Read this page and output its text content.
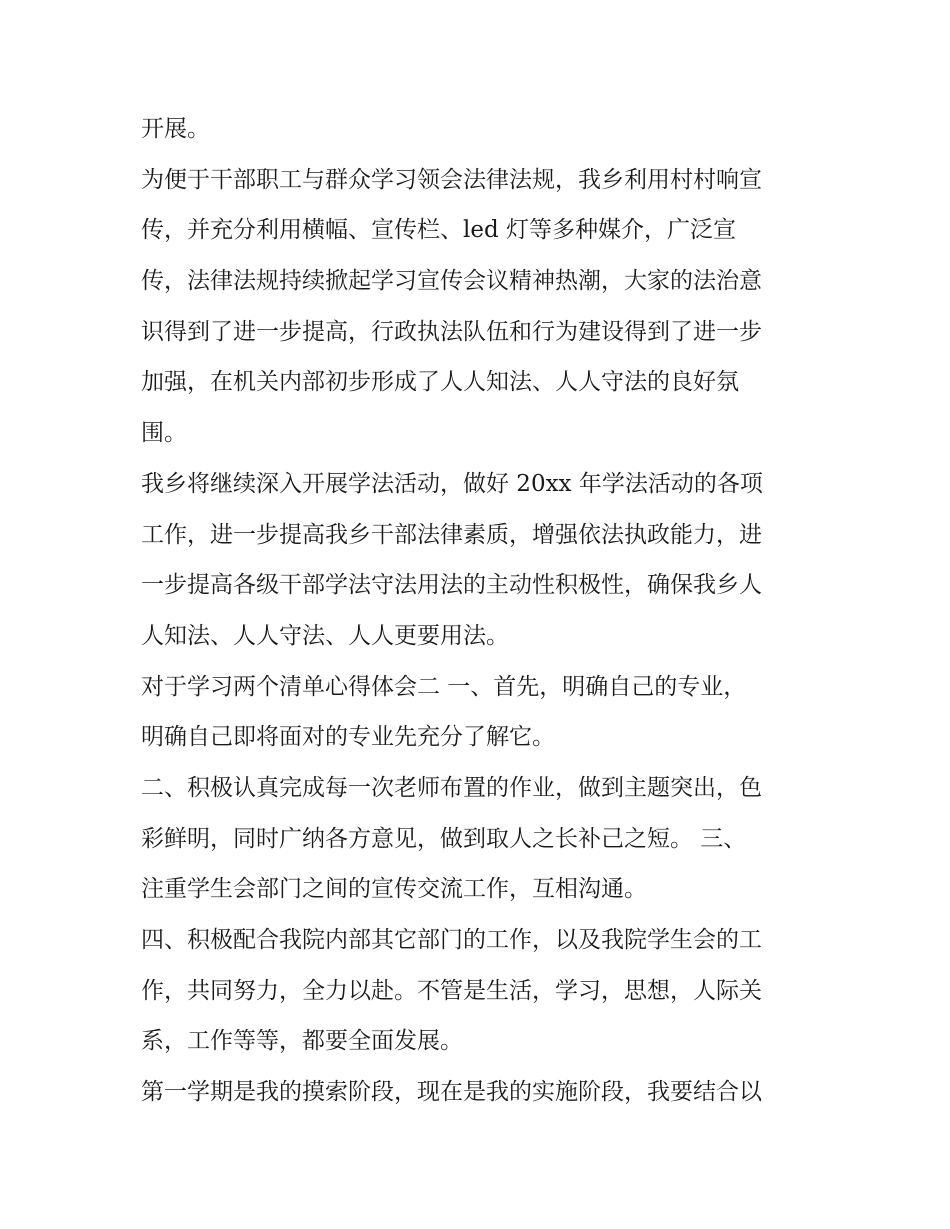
开展。
为便于干部职工与群众学习领会法律法规，我乡利用村村响宣
传，并充分利用横幅、宣传栏、led 灯等多种媒介，广泛宣
传，法律法规持续掀起学习宣传会议精神热潮，大家的法治意
识得到了进一步提高，行政执法队伍和行为建设得到了进一步
加强，在机关内部初步形成了人人知法、人人守法的良好氛
围。
我乡将继续深入开展学法活动，做好 20xx 年学法活动的各项
工作，进一步提高我乡干部法律素质，增强依法执政能力，进
一步提高各级干部学法守法用法的主动性积极性，确保我乡人
人知法、人人守法、人人更要用法。
对于学习两个清单心得体会二 一、首先，明确自己的专业，
明确自己即将面对的专业先充分了解它。
二、积极认真完成每一次老师布置的作业，做到主题突出，色
彩鲜明，同时广纳各方意见，做到取人之长补己之短。 三、
注重学生会部门之间的宣传交流工作，互相沟通。
四、积极配合我院内部其它部门的工作，以及我院学生会的工
作，共同努力，全力以赴。不管是生活，学习，思想，人际关
系，工作等等，都要全面发展。
第一学期是我的摸索阶段，现在是我的实施阶段，我要结合以
